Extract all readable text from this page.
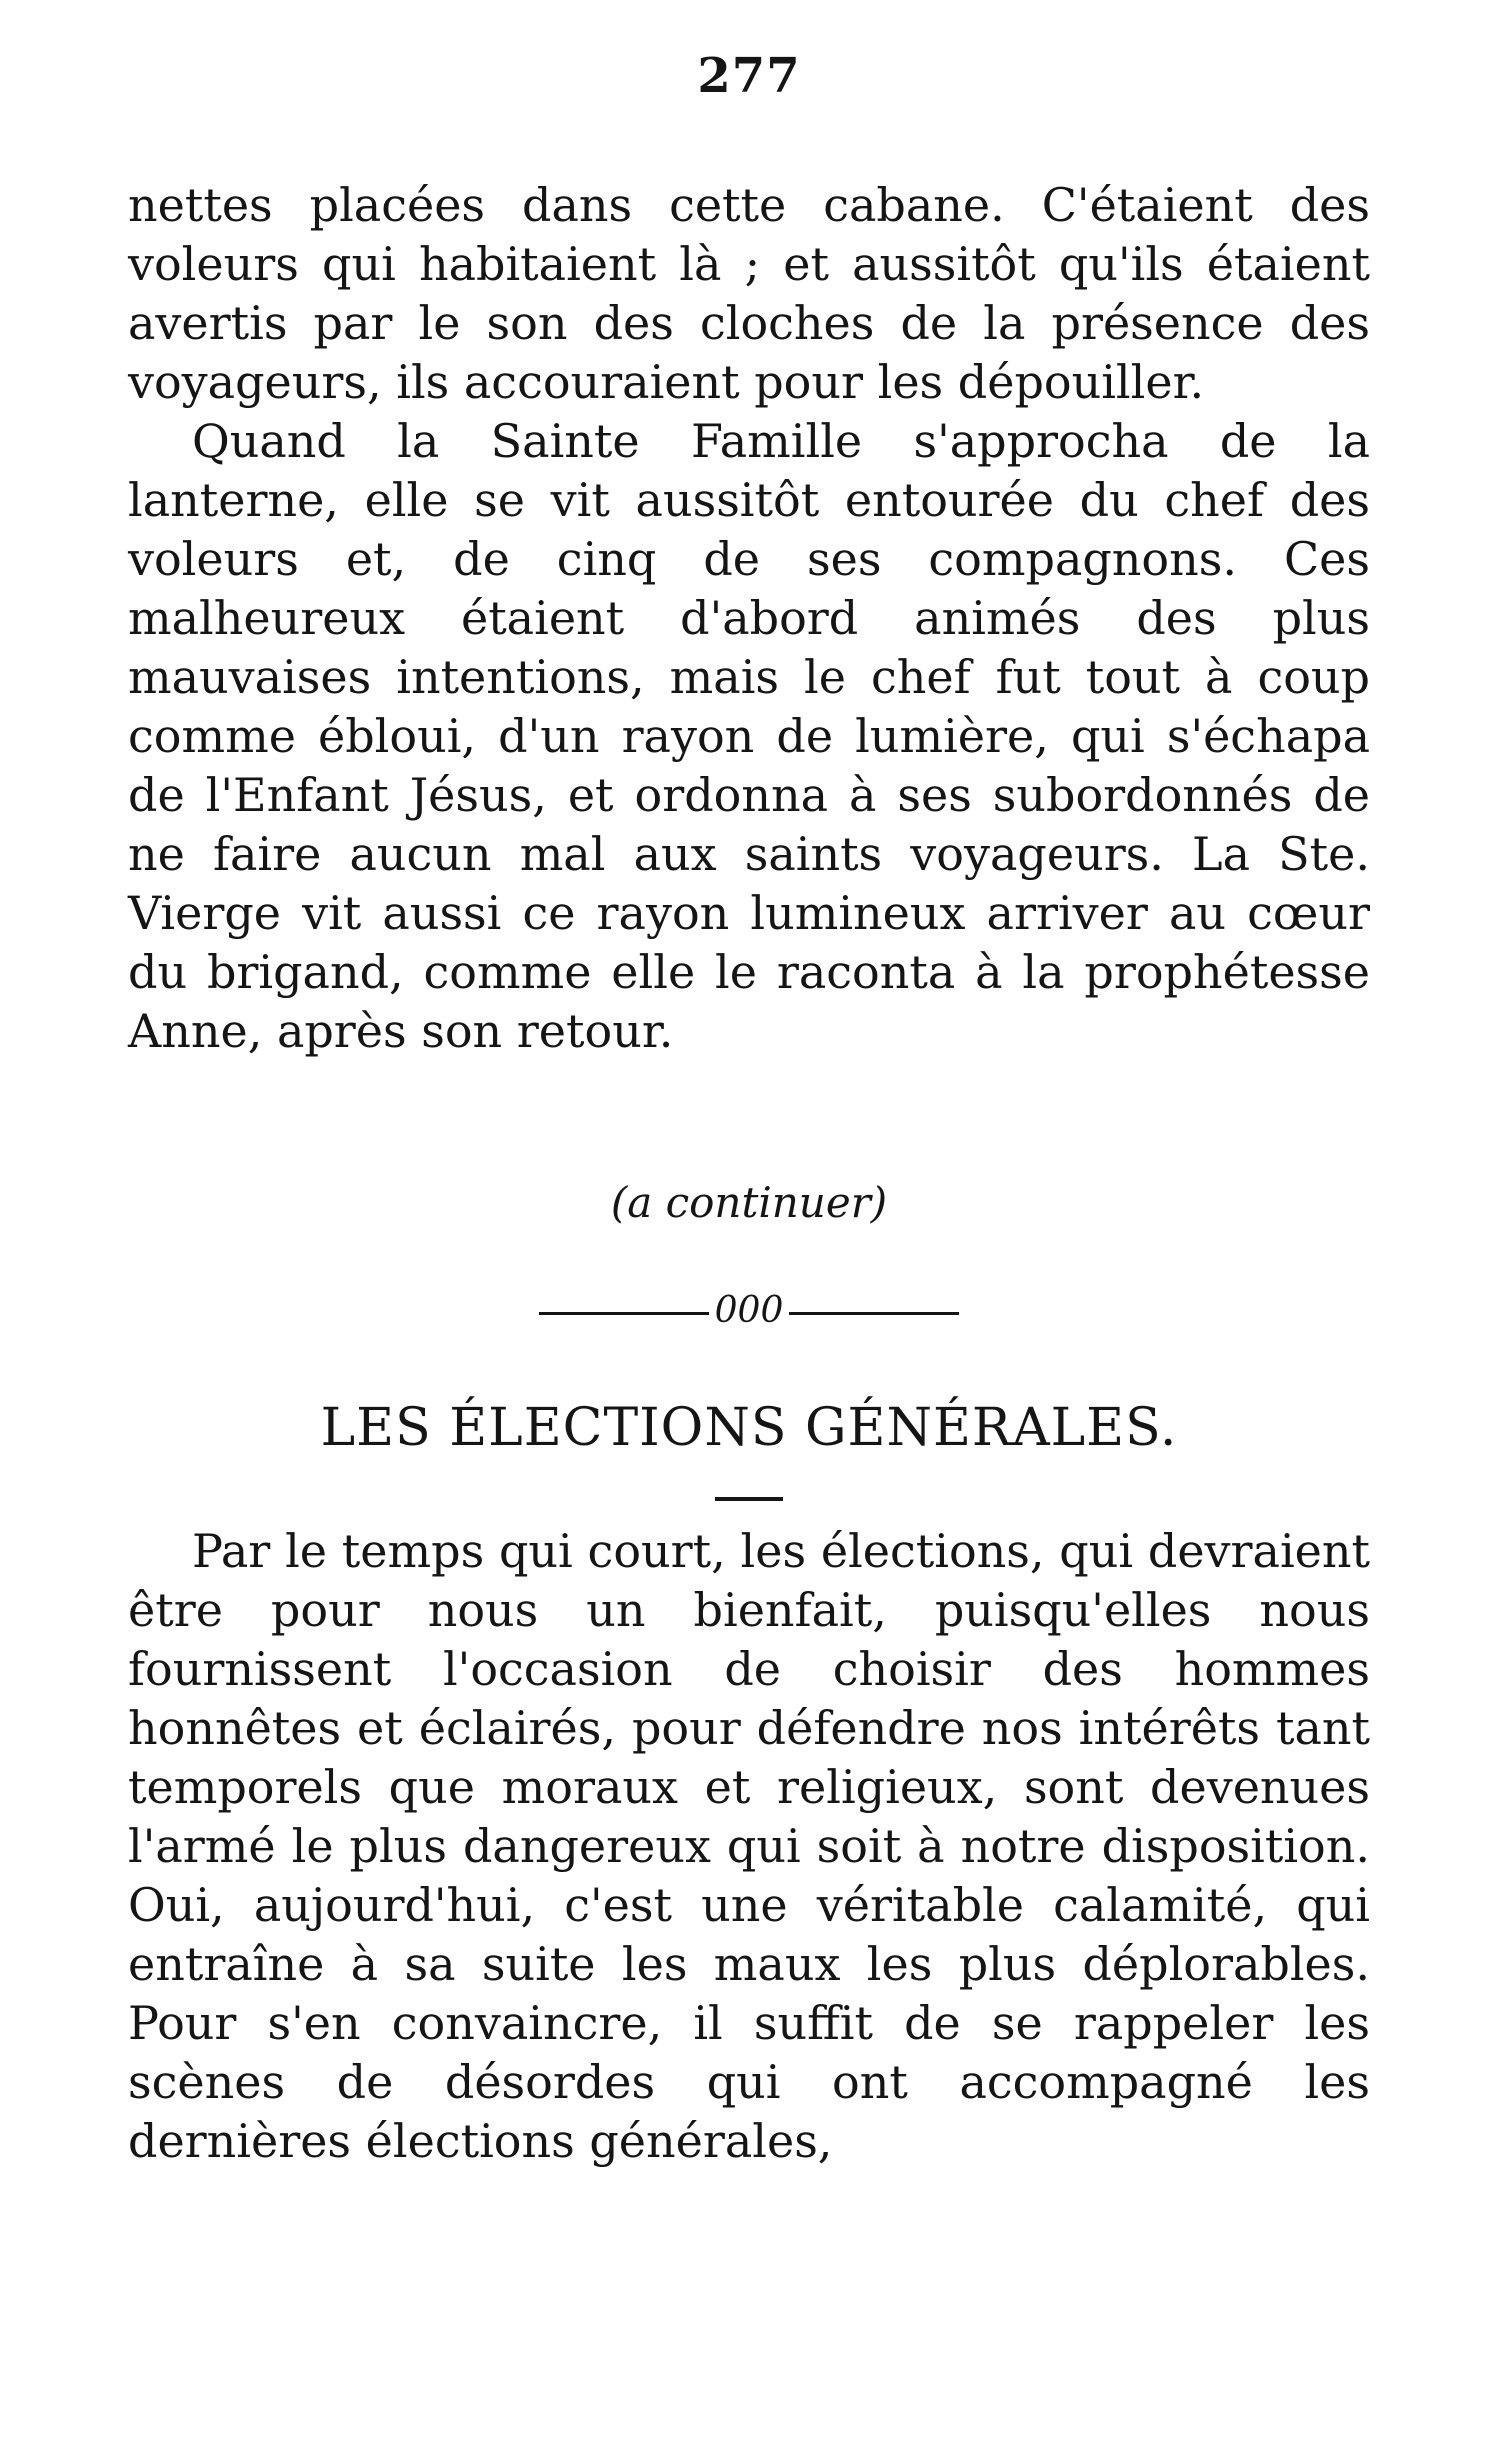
277

nettes placées dans cette cabane. C'étaient des voleurs qui habitaient là ; et aussitôt qu'ils étaient avertis par le son des cloches de la présence des voyageurs, ils accouraient pour les dépouiller.

Quand la Sainte Famille s'approcha de la lanterne, elle se vit aussitôt entourée du chef des voleurs et, de cinq de ses compagnons. Ces malheureux étaient d'abord animés des plus mauvaises intentions, mais le chef fut tout à coup comme ébloui, d'un rayon de lumière, qui s'échapa de l'Enfant Jésus, et ordonna à ses subordonnés de ne faire aucun mal aux saints voyageurs. La Ste. Vierge vit aussi ce rayon lumineux arriver au cœur du brigand, comme elle le raconta à la prophétesse Anne, après son retour.

(a continuer)
000
LES ÉLECTIONS GÉNÉRALES.

Par le temps qui court, les élections, qui devraient être pour nous un bienfait, puisqu'elles nous fournissent l'occasion de choisir des hommes honnêtes et éclairés, pour défendre nos intérêts tant temporels que moraux et religieux, sont devenues l'armé le plus dangereux qui soit à notre disposition. Oui, aujourd'hui, c'est une véritable calamité, qui entraîne à sa suite les maux les plus déplorables. Pour s'en convaincre, il suffit de se rappeler les scènes de désordes qui ont accompagné les dernières élections générales,
